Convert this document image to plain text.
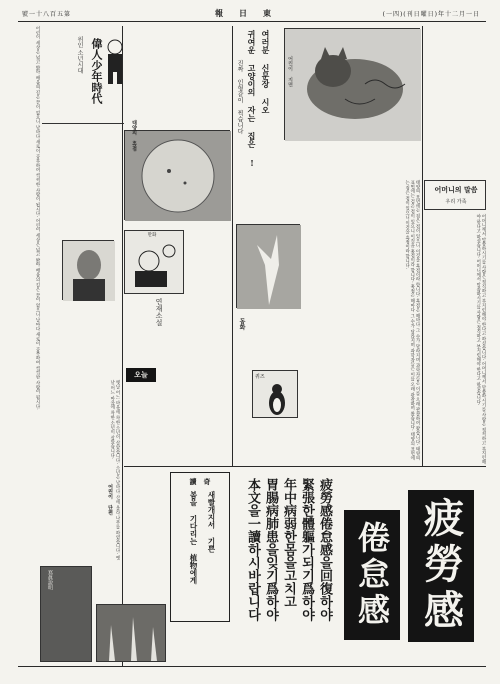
號一十八百五第	報　日　東	(一四)(刊日曜日)年十二月一日
어린이 세상은 넓고 밝아 배움의 길은 끝이 없으니 날마다 새로이 공부하여 씩씩한 사람이 됩시다. 어린이 세상은 넓고 밝아 배움의 길은 끝이 없으니 날마다 새로이 공부하여 씩씩한 사람이 됩시다.	偉人少年時代
위인 소년시대
태양의 흑점
만화
연재소설
여러분 신문장 시오
귀여운 고양이의 자는 집은 !
진짜 인형같이 찍습니다	어린이 지면
어머니의 말씀
우리 가족
어머니께서 말씀하시기를 사람은 정직하고 부지런해야 한다고 하셨습니다. 어머니께서 말씀하시기를 사람은 정직하고 부지런해야 한다고 하셨습니다. 어머니께서 말씀하시기를 사람은 정직하고 부지런해야 한다고 하셨습니다.
태양의 표면에는 검은 점이 있으니 이것을 흑점이라 합니다. 흑점은 해마다 그 수가 달라지며 과학자들은 이를 오래 관찰하여 왔습니다. 태양의 표면에는 검은 점이 있으니 이것을 흑점이라 합니다. 흑점은 해마다 그 수가 달라지며 과학자들은 이를 오래 관찰하여 왔습니다. 태양의 표면에는 검은 점이 있으니 이것을 흑점이라 합니다.
오늘	퀴즈
동화
옛날 어느 마을에 착한 소년이 살았습니다. 소년은 날마다 산에 올라 나무를 하였습니다. 옛날 어느 마을에 착한 소년이 살았습니다.
어린이 단편
寫眞說明
讀　奇
새빨개지서 기쁜
봄을 기다리는 植物에게	疲勞感倦怠感을回復하야
緊張한體軀가되기爲하야
年中病弱한몸을고치고
胃腸病肺患을잊기爲하야
本文을一讀하시바랍니다	疲勞感
倦怠感
